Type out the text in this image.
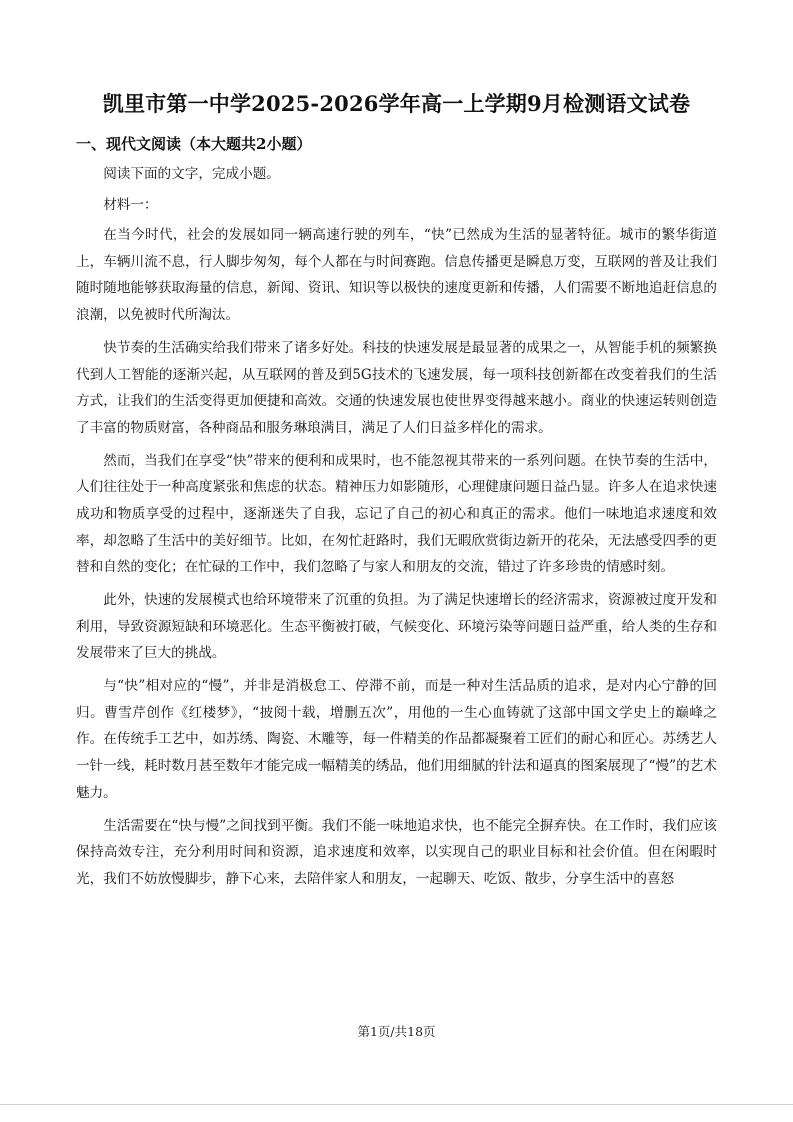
凯里市第一中学2025-2026学年高一上学期9月检测语文试卷
一、现代文阅读（本大题共2小题）

阅读下面的文字，完成小题。

材料一：

在当今时代，社会的发展如同一辆高速行驶的列车，“快”已然成为生活的显著特征。城市的繁华街道上，车辆川流不息，行人脚步匆匆，每个人都在与时间赛跑。信息传播更是瞬息万变，互联网的普及让我们随时随地能够获取海量的信息，新闻、资讯、知识等以极快的速度更新和传播，人们需要不断地追赶信息的浪潮，以免被时代所淘汰。

快节奏的生活确实给我们带来了诸多好处。科技的快速发展是最显著的成果之一，从智能手机的频繁换代到人工智能的逐渐兴起，从互联网的普及到5G技术的飞速发展，每一项科技创新都在改变着我们的生活方式，让我们的生活变得更加便捷和高效。交通的快速发展也使世界变得越来越小。商业的快速运转则创造了丰富的物质财富，各种商品和服务琳琅满目，满足了人们日益多样化的需求。

然而，当我们在享受“快”带来的便利和成果时，也不能忽视其带来的一系列问题。在快节奏的生活中，人们往往处于一种高度紧张和焦虑的状态。精神压力如影随形，心理健康问题日益凸显。许多人在追求快速成功和物质享受的过程中，逐渐迷失了自我，忘记了自己的初心和真正的需求。他们一味地追求速度和效率，却忽略了生活中的美好细节。比如，在匆忙赶路时，我们无暇欣赏街边新开的花朵，无法感受四季的更替和自然的变化；在忙碌的工作中，我们忽略了与家人和朋友的交流，错过了许多珍贵的情感时刻。

此外，快速的发展模式也给环境带来了沉重的负担。为了满足快速增长的经济需求，资源被过度开发和利用，导致资源短缺和环境恶化。生态平衡被打破，气候变化、环境污染等问题日益严重，给人类的生存和发展带来了巨大的挑战。

与“快”相对应的“慢”，并非是消极怠工、停滞不前，而是一种对生活品质的追求，是对内心宁静的回归。曹雪芹创作《红楼梦》，“披阅十载，增删五次”，用他的一生心血铸就了这部中国文学史上的巅峰之作。在传统手工艺中，如苏绣、陶瓷、木雕等，每一件精美的作品都凝聚着工匠们的耐心和匠心。苏绣艺人一针一线，耗时数月甚至数年才能完成一幅精美的绣品，他们用细腻的针法和逼真的图案展现了“慢”的艺术魅力。

生活需要在“快与慢”之间找到平衡。我们不能一味地追求快，也不能完全摒弃快。在工作时，我们应该保持高效专注，充分利用时间和资源，追求速度和效率，以实现自己的职业目标和社会价值。但在闲暇时光，我们不妨放慢脚步，静下心来，去陪伴家人和朋友，一起聊天、吃饭、散步，分享生活中的喜怒

第1页/共18页
